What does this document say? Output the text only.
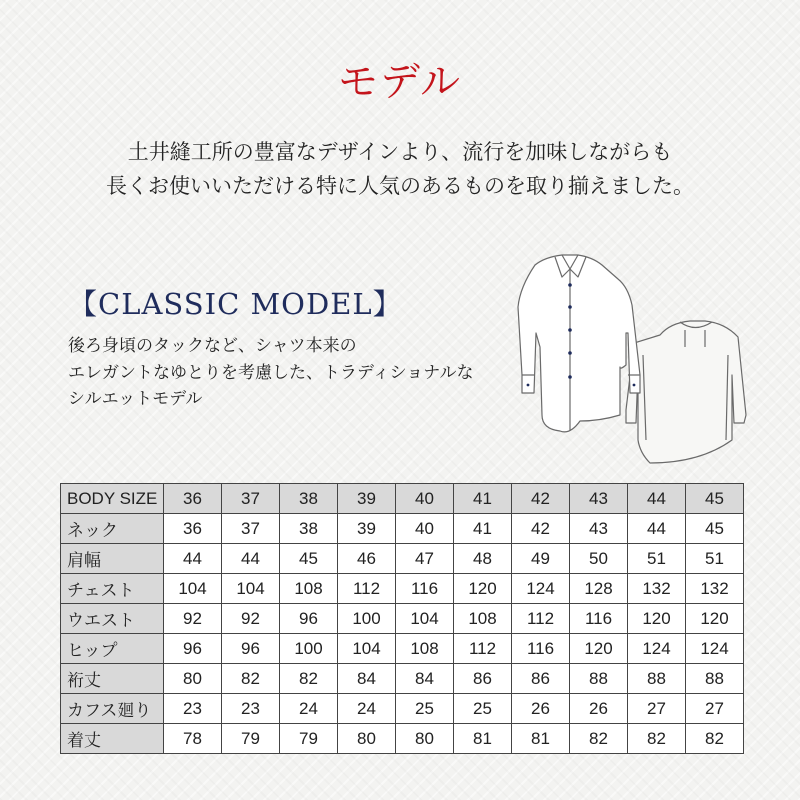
モデル
土井縫工所の豊富なデザインより、流行を加味しながらも
長くお使いいただける特に人気のあるものを取り揃えました。
【CLASSIC MODEL】
後ろ身頃のタックなど、シャツ本来の
エレガントなゆとりを考慮した、トラディショナルな
シルエットモデル
BODY SIZE	36	37	38	39	40	41	42	43	44	45
ネック	36	37	38	39	40	41	42	43	44	45
肩幅	44	44	45	46	47	48	49	50	51	51
チェスト	104	104	108	112	116	120	124	128	132	132
ウエスト	92	92	96	100	104	108	112	116	120	120
ヒップ	96	96	100	104	108	112	116	120	124	124
裄丈	80	82	82	84	84	86	86	88	88	88
カフス廻り	23	23	24	24	25	25	26	26	27	27
着丈	78	79	79	80	80	81	81	82	82	82
